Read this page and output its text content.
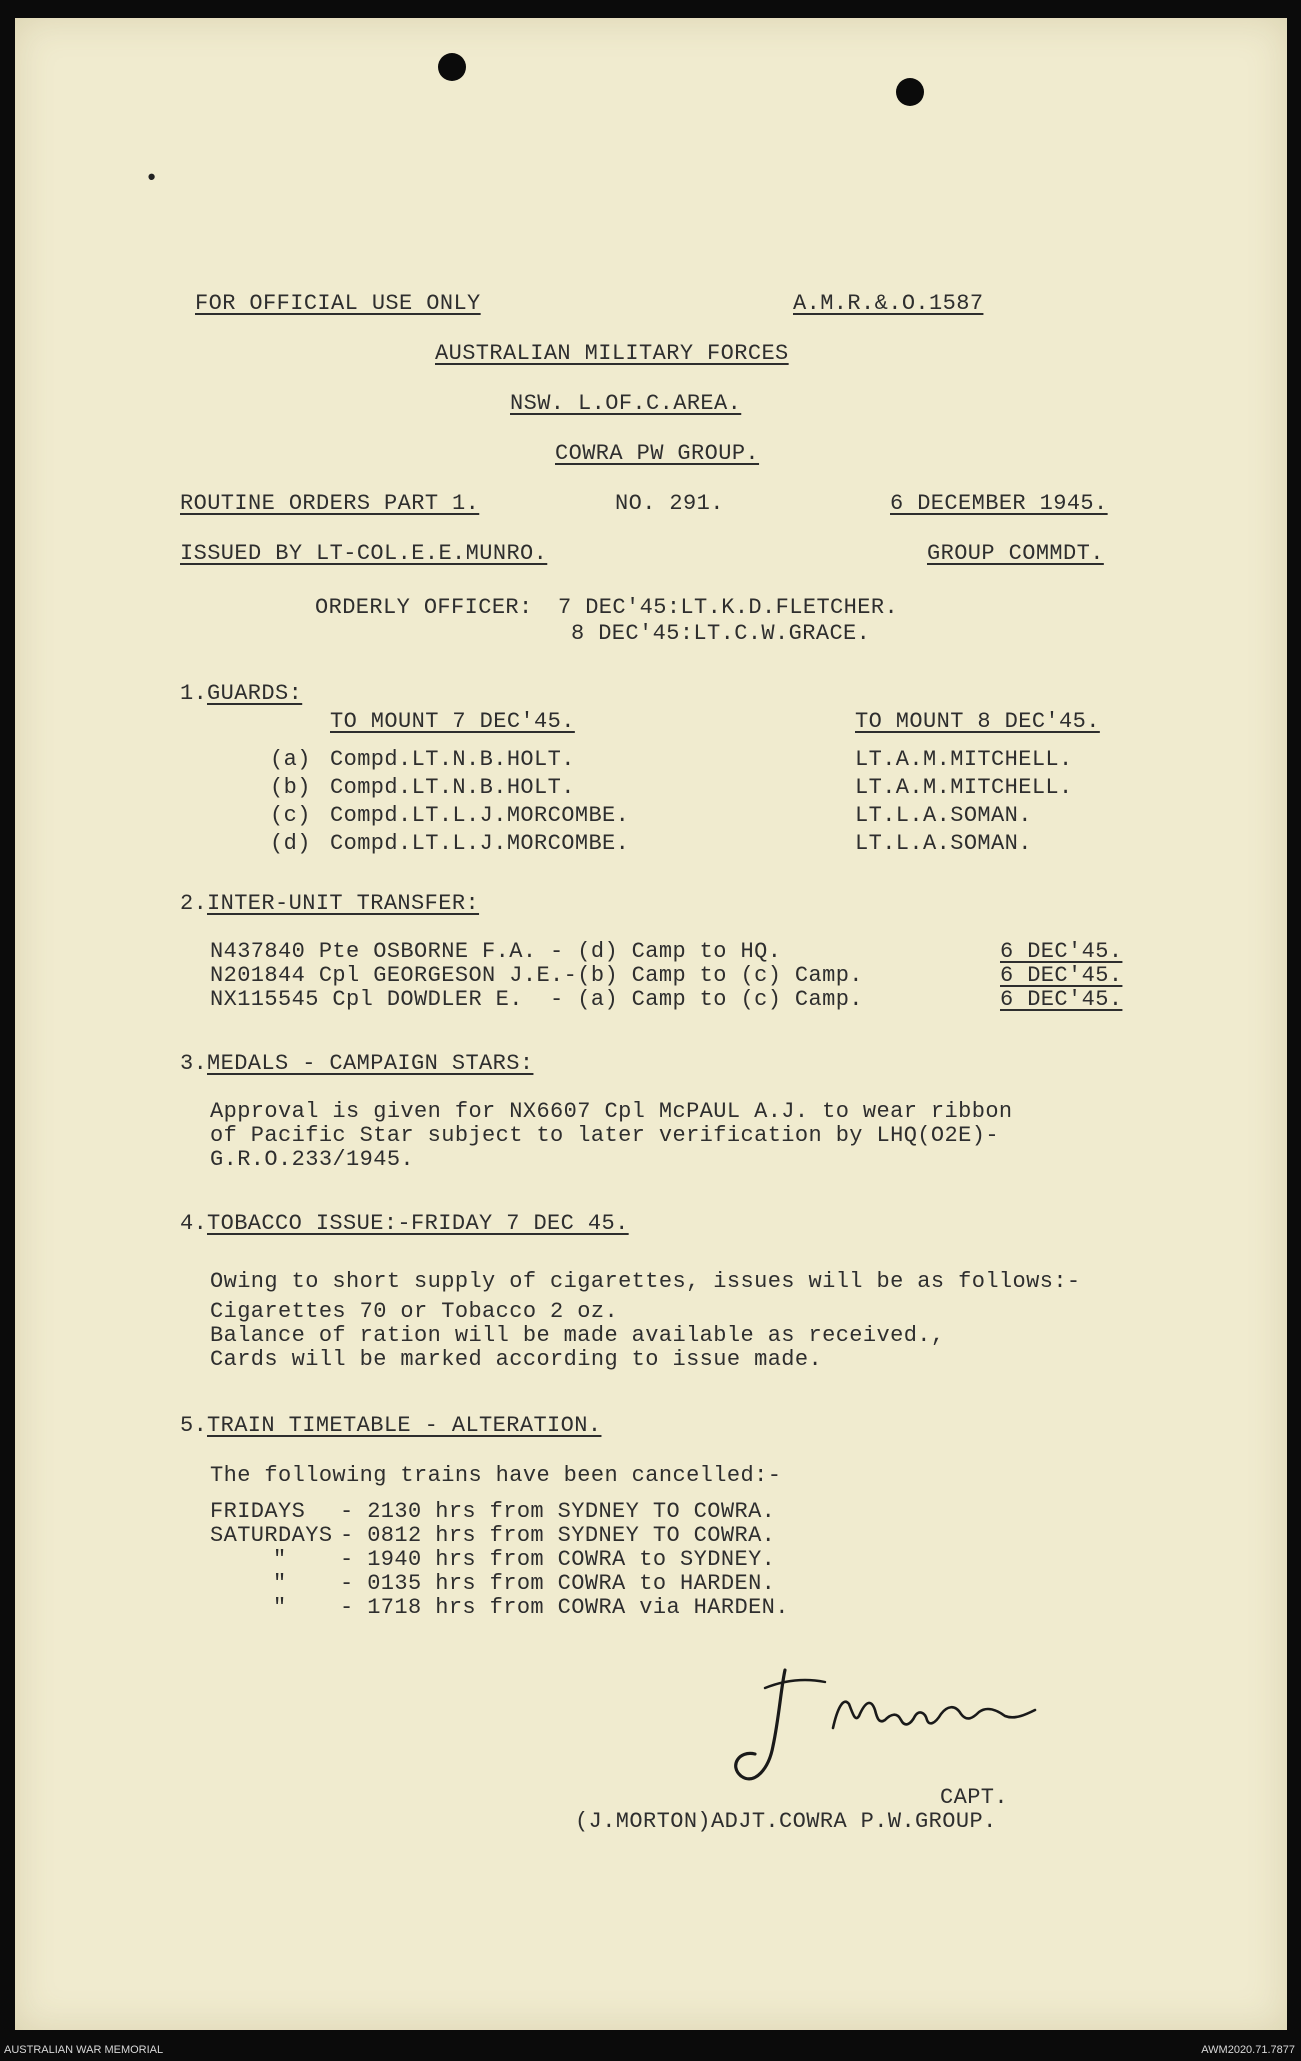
•
FOR OFFICIAL USE ONLY	A.M.R.&.O.1587
AUSTRALIAN MILITARY FORCES
NSW. L.OF.C.AREA.
COWRA PW GROUP.
ROUTINE ORDERS PART 1.	NO. 291.	6 DECEMBER 1945.
ISSUED BY LT-COL.E.E.MUNRO.	GROUP COMMDT.
ORDERLY OFFICER: 7 DEC'45:LT.K.D.FLETCHER.
8 DEC'45:LT.C.W.GRACE.
1. GUARDS:
TO MOUNT 7 DEC'45.	TO MOUNT 8 DEC'45.
(a) Compd.LT.N.B.HOLT.	LT.A.M.MITCHELL.
(b) Compd.LT.N.B.HOLT.	LT.A.M.MITCHELL.
(c) Compd.LT.L.J.MORCOMBE.	LT.L.A.SOMAN.
(d) Compd.LT.L.J.MORCOMBE.	LT.L.A.SOMAN.
2. INTER-UNIT TRANSFER:
N437840 Pte OSBORNE F.A. - (d) Camp to HQ.	6 DEC'45.
N201844 Cpl GEORGESON J.E.-(b) Camp to (c) Camp.	6 DEC'45.
NX115545 Cpl DOWDLER E.  - (a) Camp to (c) Camp.	6 DEC'45.
3. MEDALS - CAMPAIGN STARS:
Approval is given for NX6607 Cpl McPAUL A.J. to wear ribbon
of Pacific Star subject to later verification by LHQ(O2E)-
G.R.O.233/1945.
4. TOBACCO ISSUE:-FRIDAY 7 DEC 45.
Owing to short supply of cigarettes, issues will be as follows:-
Cigarettes 70 or Tobacco 2 oz.
Balance of ration will be made available as received.,
Cards will be marked according to issue made.
5. TRAIN TIMETABLE - ALTERATION.
The following trains have been cancelled:-
FRIDAYS - 2130 hrs from SYDNEY TO COWRA.
SATURDAYS - 0812 hrs from SYDNEY TO COWRA.
" - 1940 hrs from COWRA to SYDNEY.
" - 0135 hrs from COWRA to HARDEN.
" - 1718 hrs from COWRA via HARDEN.
CAPT.
(J.MORTON)ADJT.COWRA P.W.GROUP.
AUSTRALIAN WAR MEMORIAL	AWM2020.71.7877
